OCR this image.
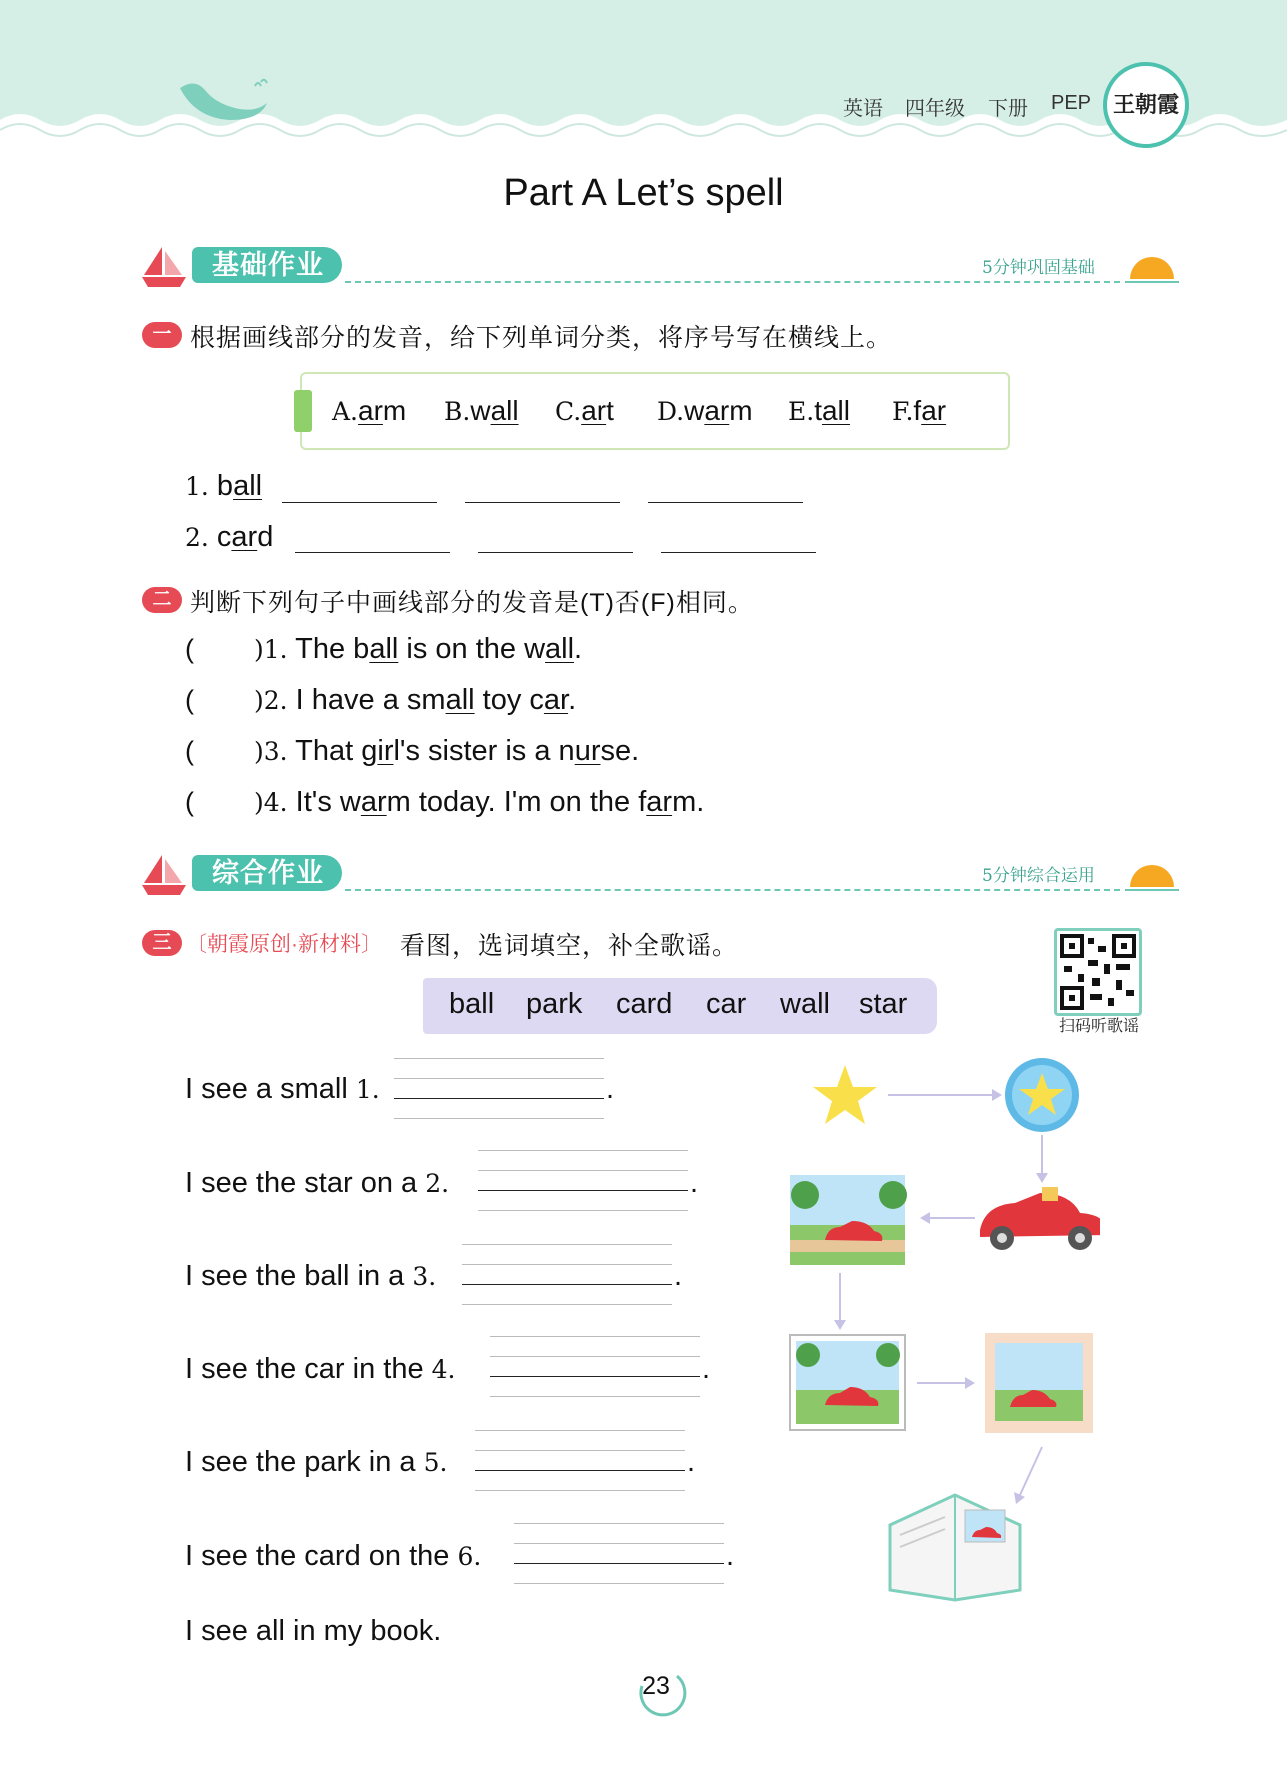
英语 四年级 下册 PEP 王朝霞
Part A Let’s spell
基础作业	5分钟巩固基础
一 根据画线部分的发音，给下列单词分类，将序号写在横线上。
A.arm B.wall C.art D.warm E.tall F.far
1. ball
2. card
二 判断下列句子中画线部分的发音是(T)否(F)相同。
( )1. The ball is on the wall.
( )2. I have a small toy car.
( )3. That girl's sister is a nurse.
( )4. It's warm today. I'm on the farm.
综合作业	5分钟综合运用
三 〔朝霞原创·新材料〕 看图，选词填空，补全歌谣。
扫码听歌谣
ball park card car wall star
I see a small 1.	.
I see the star on a 2.	.
I see the ball in a 3.	.
I see the car in the 4.	.
I see the park in a 5.	.
I see the card on the 6.	.
I see all in my book.
23
